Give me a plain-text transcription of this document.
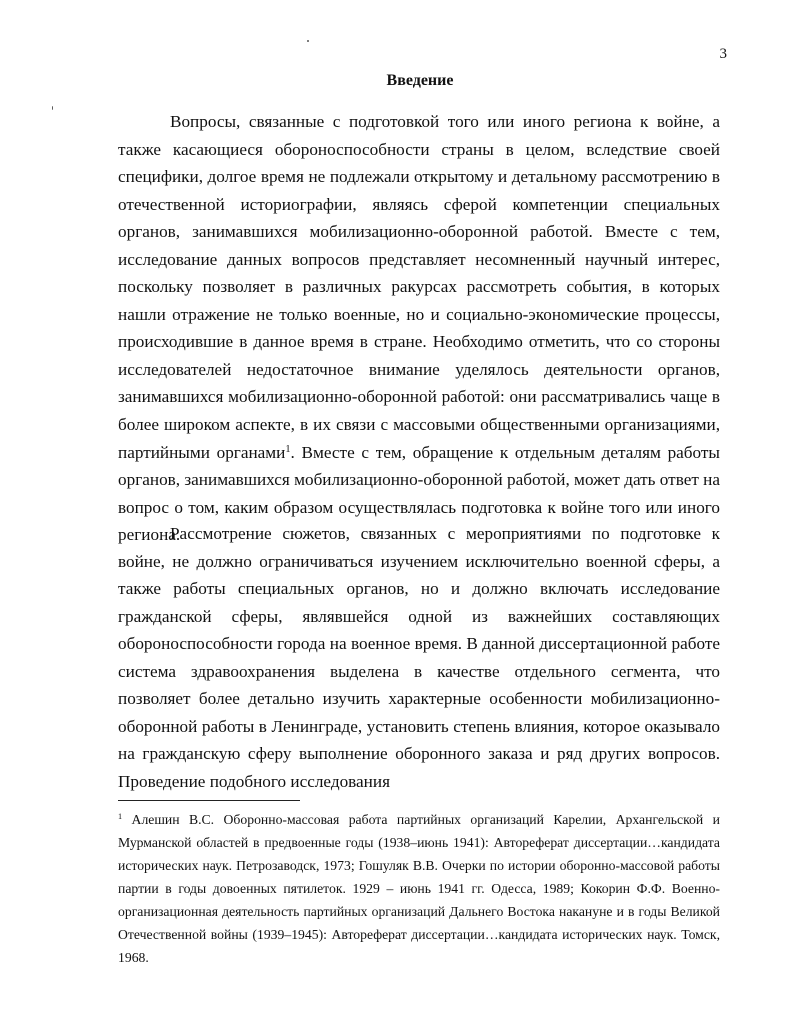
3
Введение

Вопросы, связанные с подготовкой того или иного региона к войне, а также касающиеся обороноспособности страны в целом, вследствие своей специфики, долгое время не подлежали открытому и детальному рассмотрению в отечественной историографии, являясь сферой компетенции специальных органов, занимавшихся мобилизационно-оборонной работой. Вместе с тем, исследование данных вопросов представляет несомненный научный интерес, поскольку позволяет в различных ракурсах рассмотреть события, в которых нашли отражение не только военные, но и социально-экономические процессы, происходившие в данное время в стране. Необходимо отметить, что со стороны исследователей недостаточное внимание уделялось деятельности органов, занимавшихся мобилизационно-оборонной работой: они рассматривались чаще в более широком аспекте, в их связи с массовыми общественными организациями, партийными органами$^1$. Вместе с тем, обращение к отдельным деталям работы органов, занимавшихся мобилизационно-оборонной работой, может дать ответ на вопрос о том, каким образом осуществлялась подготовка к войне того или иного региона.

Рассмотрение сюжетов, связанных с мероприятиями по подготовке к войне, не должно ограничиваться изучением исключительно военной сферы, а также работы специальных органов, но и должно включать исследование гражданской сферы, являвшейся одной из важнейших составляющих обороноспособности города на военное время. В данной диссертационной работе система здравоохранения выделена в качестве отдельного сегмента, что позволяет более детально изучить характерные особенности мобилизационно-оборонной работы в Ленинграде, установить степень влияния, которое оказывало на гражданскую сферу выполнение оборонного заказа и ряд других вопросов. Проведение подобного исследования

$^1$ Алешин В.С. Оборонно-массовая работа партийных организаций Карелии, Архангельской и Мурманской областей в предвоенные годы (1938–июнь 1941): Автореферат диссертации…кандидата исторических наук. Петрозаводск, 1973; Гошуляк В.В. Очерки по истории оборонно-массовой работы партии в годы довоенных пятилеток. 1929 – июнь 1941 гг. Одесса, 1989; Кокорин Ф.Ф. Военно-организационная деятельность партийных организаций Дальнего Востока накануне и в годы Великой Отечественной войны (1939–1945): Автореферат диссертации…кандидата исторических наук. Томск, 1968.
